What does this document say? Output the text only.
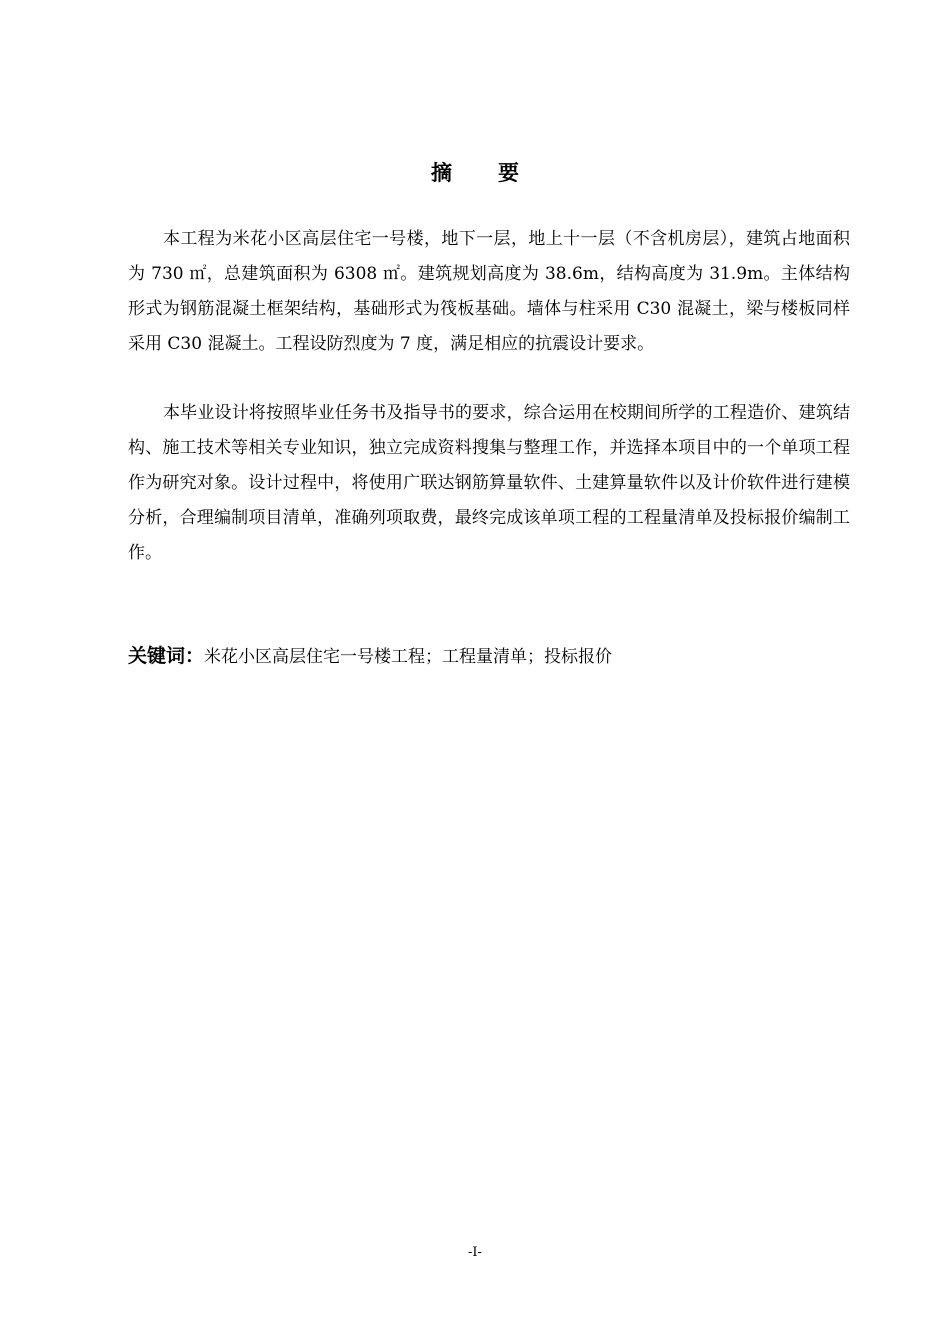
摘 要

本工程为米花小区高层住宅一号楼，地下一层，地上十一层（不含机房层），建筑占地面积为 730 ㎡，总建筑面积为 6308 ㎡。建筑规划高度为 38.6m，结构高度为 31.9m。主体结构形式为钢筋混凝土框架结构，基础形式为筏板基础。墙体与柱采用 C30 混凝土，梁与楼板同样采用 C30 混凝土。工程设防烈度为 7 度，满足相应的抗震设计要求。

本毕业设计将按照毕业任务书及指导书的要求，综合运用在校期间所学的工程造价、建筑结构、施工技术等相关专业知识，独立完成资料搜集与整理工作，并选择本项目中的一个单项工程作为研究对象。设计过程中，将使用广联达钢筋算量软件、土建算量软件以及计价软件进行建模分析，合理编制项目清单，准确列项取费，最终完成该单项工程的工程量清单及投标报价编制工作。

关键词：米花小区高层住宅一号楼工程；工程量清单；投标报价
-I-
